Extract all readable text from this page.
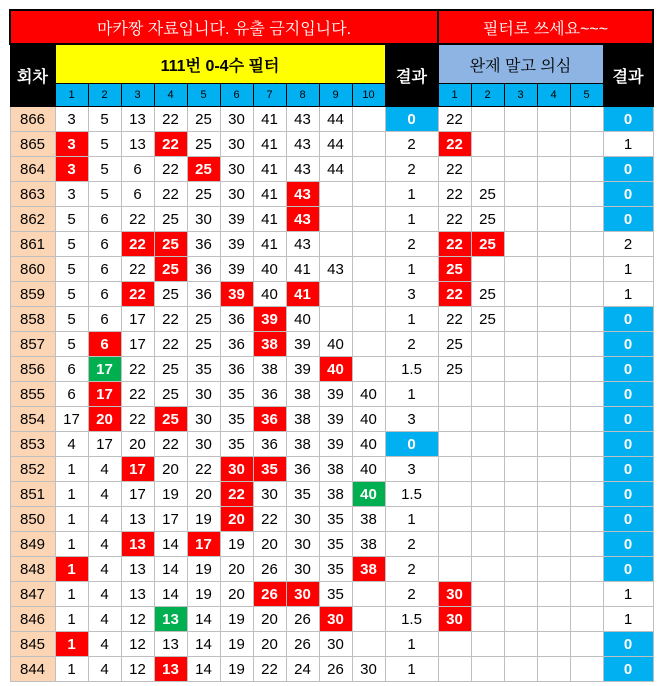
마카짱 자료입니다. 유출 금지입니다.												필터로 쓰세요~~~					
회차	111번 0-4수 필터										결과	완제 말고 의심					결과
	1	2	3	4	5	6	7	8	9	10		1	2	3	4	5	
866	3	5	13	22	25	30	41	43	44		0	22					0
865	3	5	13	22	25	30	41	43	44		2	22					1
864	3	5	6	22	25	30	41	43	44		2	22					0
863	3	5	6	22	25	30	41	43			1	22	25				0
862	5	6	22	25	30	39	41	43			1	22	25				0
861	5	6	22	25	36	39	41	43			2	22	25				2
860	5	6	22	25	36	39	40	41	43		1	25					1
859	5	6	22	25	36	39	40	41			3	22	25				1
858	5	6	17	22	25	36	39	40			1	22	25				0
857	5	6	17	22	25	36	38	39	40		2	25					0
856	6	17	22	25	35	36	38	39	40		1.5	25					0
855	6	17	22	25	30	35	36	38	39	40	1						0
854	17	20	22	25	30	35	36	38	39	40	3						0
853	4	17	20	22	30	35	36	38	39	40	0						0
852	1	4	17	20	22	30	35	36	38	40	3						0
851	1	4	17	19	20	22	30	35	38	40	1.5						0
850	1	4	13	17	19	20	22	30	35	38	1						0
849	1	4	13	14	17	19	20	30	35	38	2						0
848	1	4	13	14	19	20	26	30	35	38	2						0
847	1	4	13	14	19	20	26	30	35		2	30					1
846	1	4	12	13	14	19	20	26	30		1.5	30					1
845	1	4	12	13	14	19	20	26	30		1						0
844	1	4	12	13	14	19	22	24	26	30	1						0
